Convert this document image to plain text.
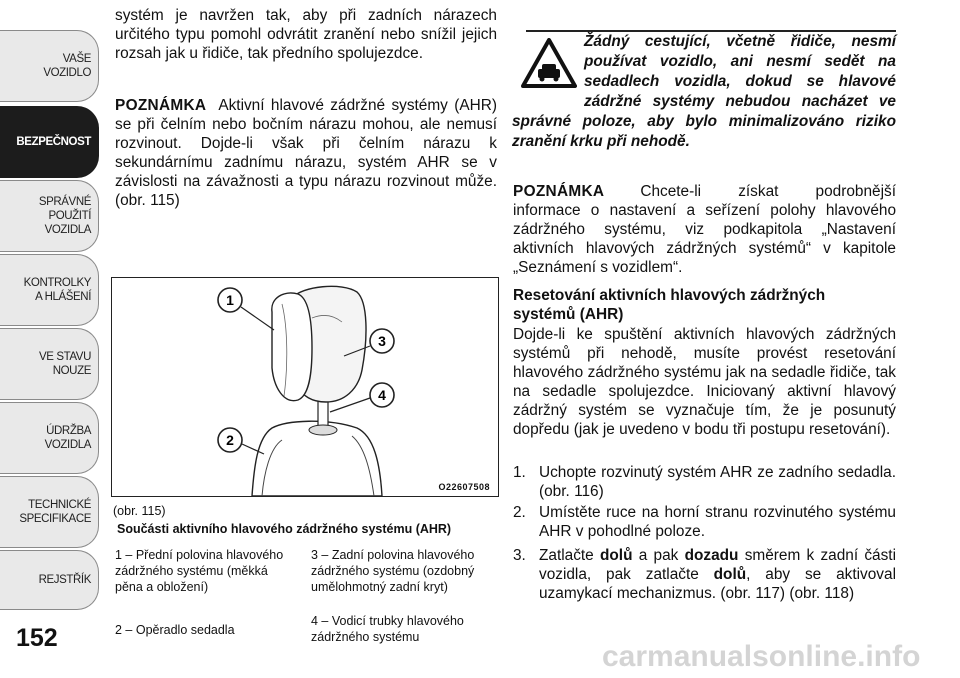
VAŠE
VOZIDLO
BEZPEČNOST
SPRÁVNÉ
POUŽITÍ
VOZIDLA
KONTROLKY
A HLÁŠENÍ
VE STAVU
NOUZE
ÚDRŽBA
VOZIDLA
TECHNICKÉ
SPECIFIKACE
REJSTŘÍK
152
systém je navržen tak, aby při zadních nárazech určitého typu pomohl odvrátit zranění nebo snížil jejich rozsah jak u řidiče, tak předního spolujezdce.
POZNÁMKA Aktivní hlavové zádržné systémy (AHR) se při čelním nebo bočním nárazu mohou, ale nemusí rozvinout. Dojde-li však při čelním nárazu k sekundárnímu zadnímu nárazu, systém AHR se v závislosti na závažnosti a typu nárazu rozvinout může. (obr. 115)
1
2
3
4
O22607508
(obr. 115)
Součásti aktivního hlavového zádržného systému (AHR)
1 – Přední polovina hlavového zádržného systému (měkká pěna a obložení)
2 – Opěradlo sedadla
3 – Zadní polovina hlavového zádržného systému (ozdobný umělohmotný zadní kryt)
4 – Vodicí trubky hlavového zádržného systému
Žádný cestující, včetně řidiče, nesmí používat vozidlo, ani nesmí sedět na sedadlech vozidla, dokud se hlavové zádržné systémy nebudou nacházet ve správné poloze, aby bylo minimalizováno riziko zranění krku při nehodě.
POZNÁMKA Chcete-li získat podrobnější informace o nastavení a seřízení polohy hlavového zádržného systému, viz podkapitola „Nastavení aktivních hlavových zádržných systémů“ v kapitole „Seznámení s vozidlem“.
Resetování aktivních hlavových zádržných systémů (AHR)
Dojde-li ke spuštění aktivních hlavových zádržných systémů při nehodě, musíte provést resetování hlavového zádržného systému jak na sedadle řidiče, tak na sedadle spolujezdce. Iniciovaný aktivní hlavový zádržný systém se vyznačuje tím, že je posunutý dopředu (jak je uvedeno v bodu tři postupu resetování).
1. Uchopte rozvinutý systém AHR ze zadního sedadla. (obr. 116)
2. Umístěte ruce na horní stranu rozvinutého systému AHR v pohodlné poloze.
3. Zatlačte dolů a pak dozadu směrem k zadní části vozidla, pak zatlačte dolů, aby se aktivoval uzamykací mechanizmus. (obr. 117) (obr. 118)
carmanualsonline.info
